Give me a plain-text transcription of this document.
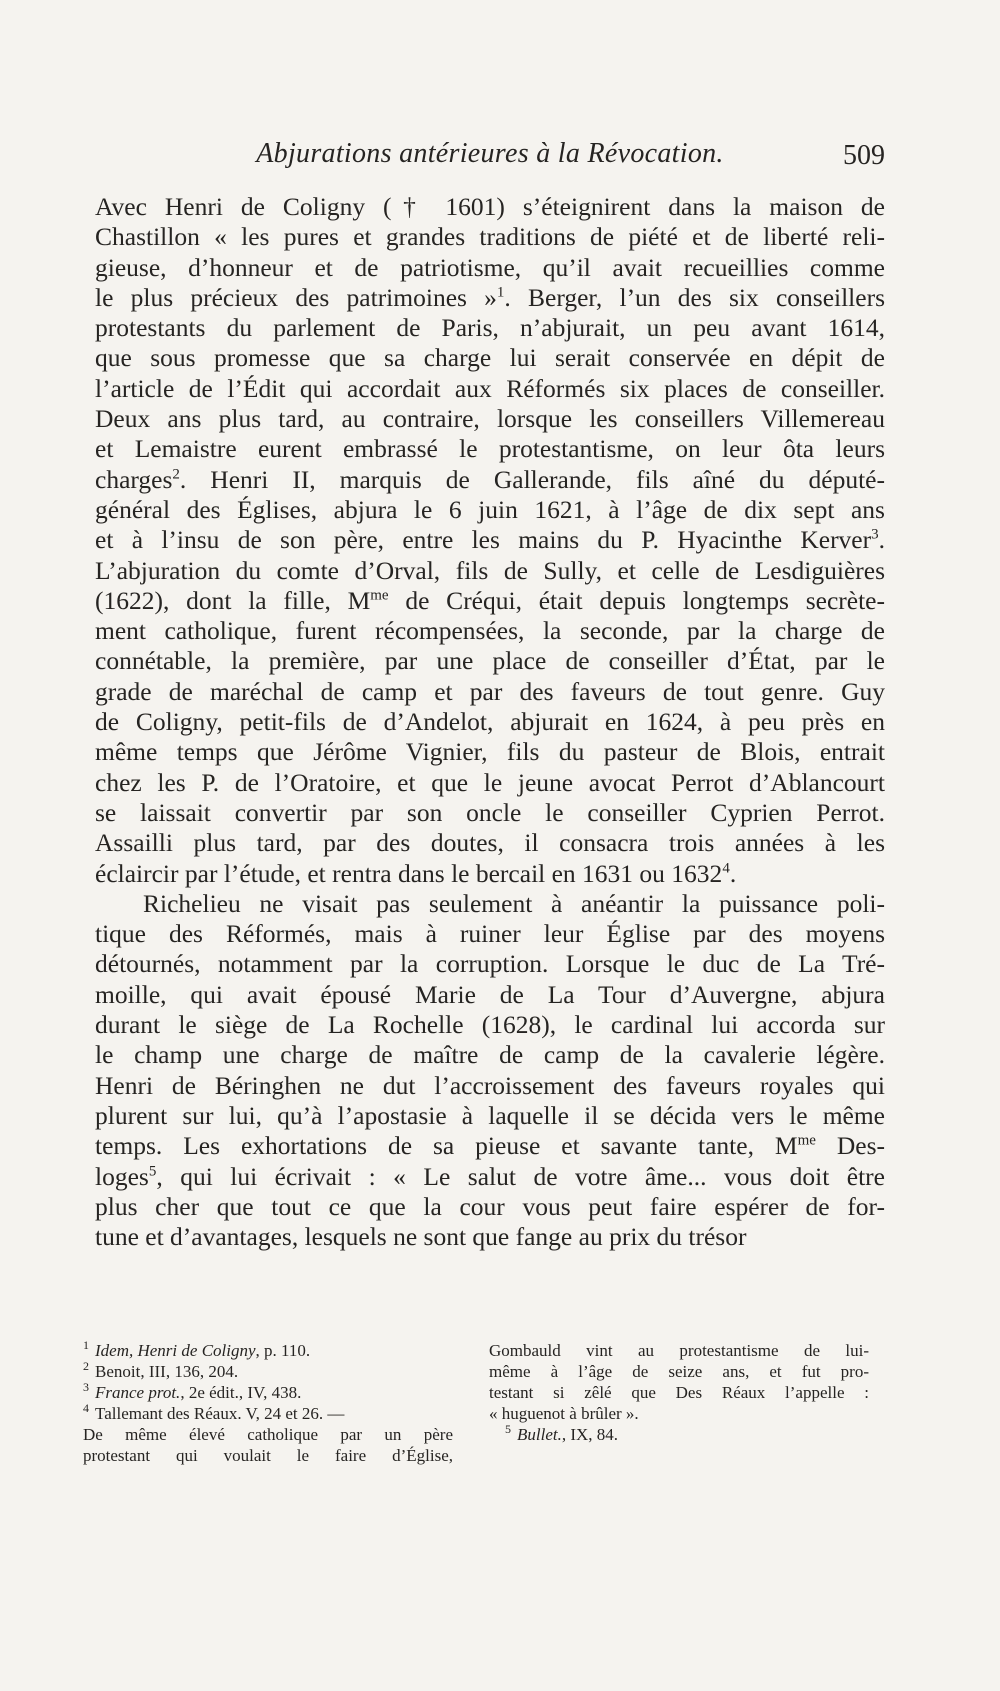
Abjurations antérieures à la Révocation.	509
Avec Henri de Coligny († 1601) s’éteignirent dans la maison de
Chastillon « les pures et grandes traditions de piété et de liberté reli-
gieuse, d’honneur et de patriotisme, qu’il avait recueillies comme
le plus précieux des patrimoines »$^1$. Berger, l’un des six conseillers
protestants du parlement de Paris, n’abjurait, un peu avant 1614,
que sous promesse que sa charge lui serait conservée en dépit de
l’article de l’Édit qui accordait aux Réformés six places de conseiller.
Deux ans plus tard, au contraire, lorsque les conseillers Villemereau
et Lemaistre eurent embrassé le protestantisme, on leur ôta leurs
charges$^2$. Henri II, marquis de Gallerande, fils aîné du député-
général des Églises, abjura le 6 juin 1621, à l’âge de dix sept ans
et à l’insu de son père, entre les mains du P. Hyacinthe Kerver$^3$.
L’abjuration du comte d’Orval, fils de Sully, et celle de Lesdiguières
(1622), dont la fille, $M^{me}$ de Créqui, était depuis longtemps secrète-
ment catholique, furent récompensées, la seconde, par la charge de
connétable, la première, par une place de conseiller d’État, par le
grade de maréchal de camp et par des faveurs de tout genre. Guy
de Coligny, petit-fils de d’Andelot, abjurait en 1624, à peu près en
même temps que Jérôme Vignier, fils du pasteur de Blois, entrait
chez les P. de l’Oratoire, et que le jeune avocat Perrot d’Ablancourt
se laissait convertir par son oncle le conseiller Cyprien Perrot.
Assailli plus tard, par des doutes, il consacra trois années à les
éclaircir par l’étude, et rentra dans le bercail en 1631 ou 1632$^4$.
Richelieu ne visait pas seulement à anéantir la puissance poli-
tique des Réformés, mais à ruiner leur Église par des moyens
détournés, notamment par la corruption. Lorsque le duc de La Tré-
moille, qui avait épousé Marie de La Tour d’Auvergne, abjura
durant le siège de La Rochelle (1628), le cardinal lui accorda sur
le champ une charge de maître de camp de la cavalerie légère.
Henri de Béringhen ne dut l’accroissement des faveurs royales qui
plurent sur lui, qu’à l’apostasie à laquelle il se décida vers le même
temps. Les exhortations de sa pieuse et savante tante, $M^{me}$ Des-
loges$^5$, qui lui écrivait : « Le salut de votre âme... vous doit être
plus cher que tout ce que la cour vous peut faire espérer de for-
tune et d’avantages, lesquels ne sont que fange au prix du trésor
$^1$ Idem, Henri de Coligny, p. 110.
$^2$ Benoit, III, 136, 204.
$^3$ France prot., 2e édit., IV, 438.
$^4$ Tallemant des Réaux. V, 24 et 26. —
De même élevé catholique par un père
protestant qui voulait le faire d’Église,
Gombauld vint au protestantisme de lui-
même à l’âge de seize ans, et fut pro-
testant si zêlé que Des Réaux l’appelle :
« huguenot à brûler ».
$^5$ Bullet., IX, 84.
